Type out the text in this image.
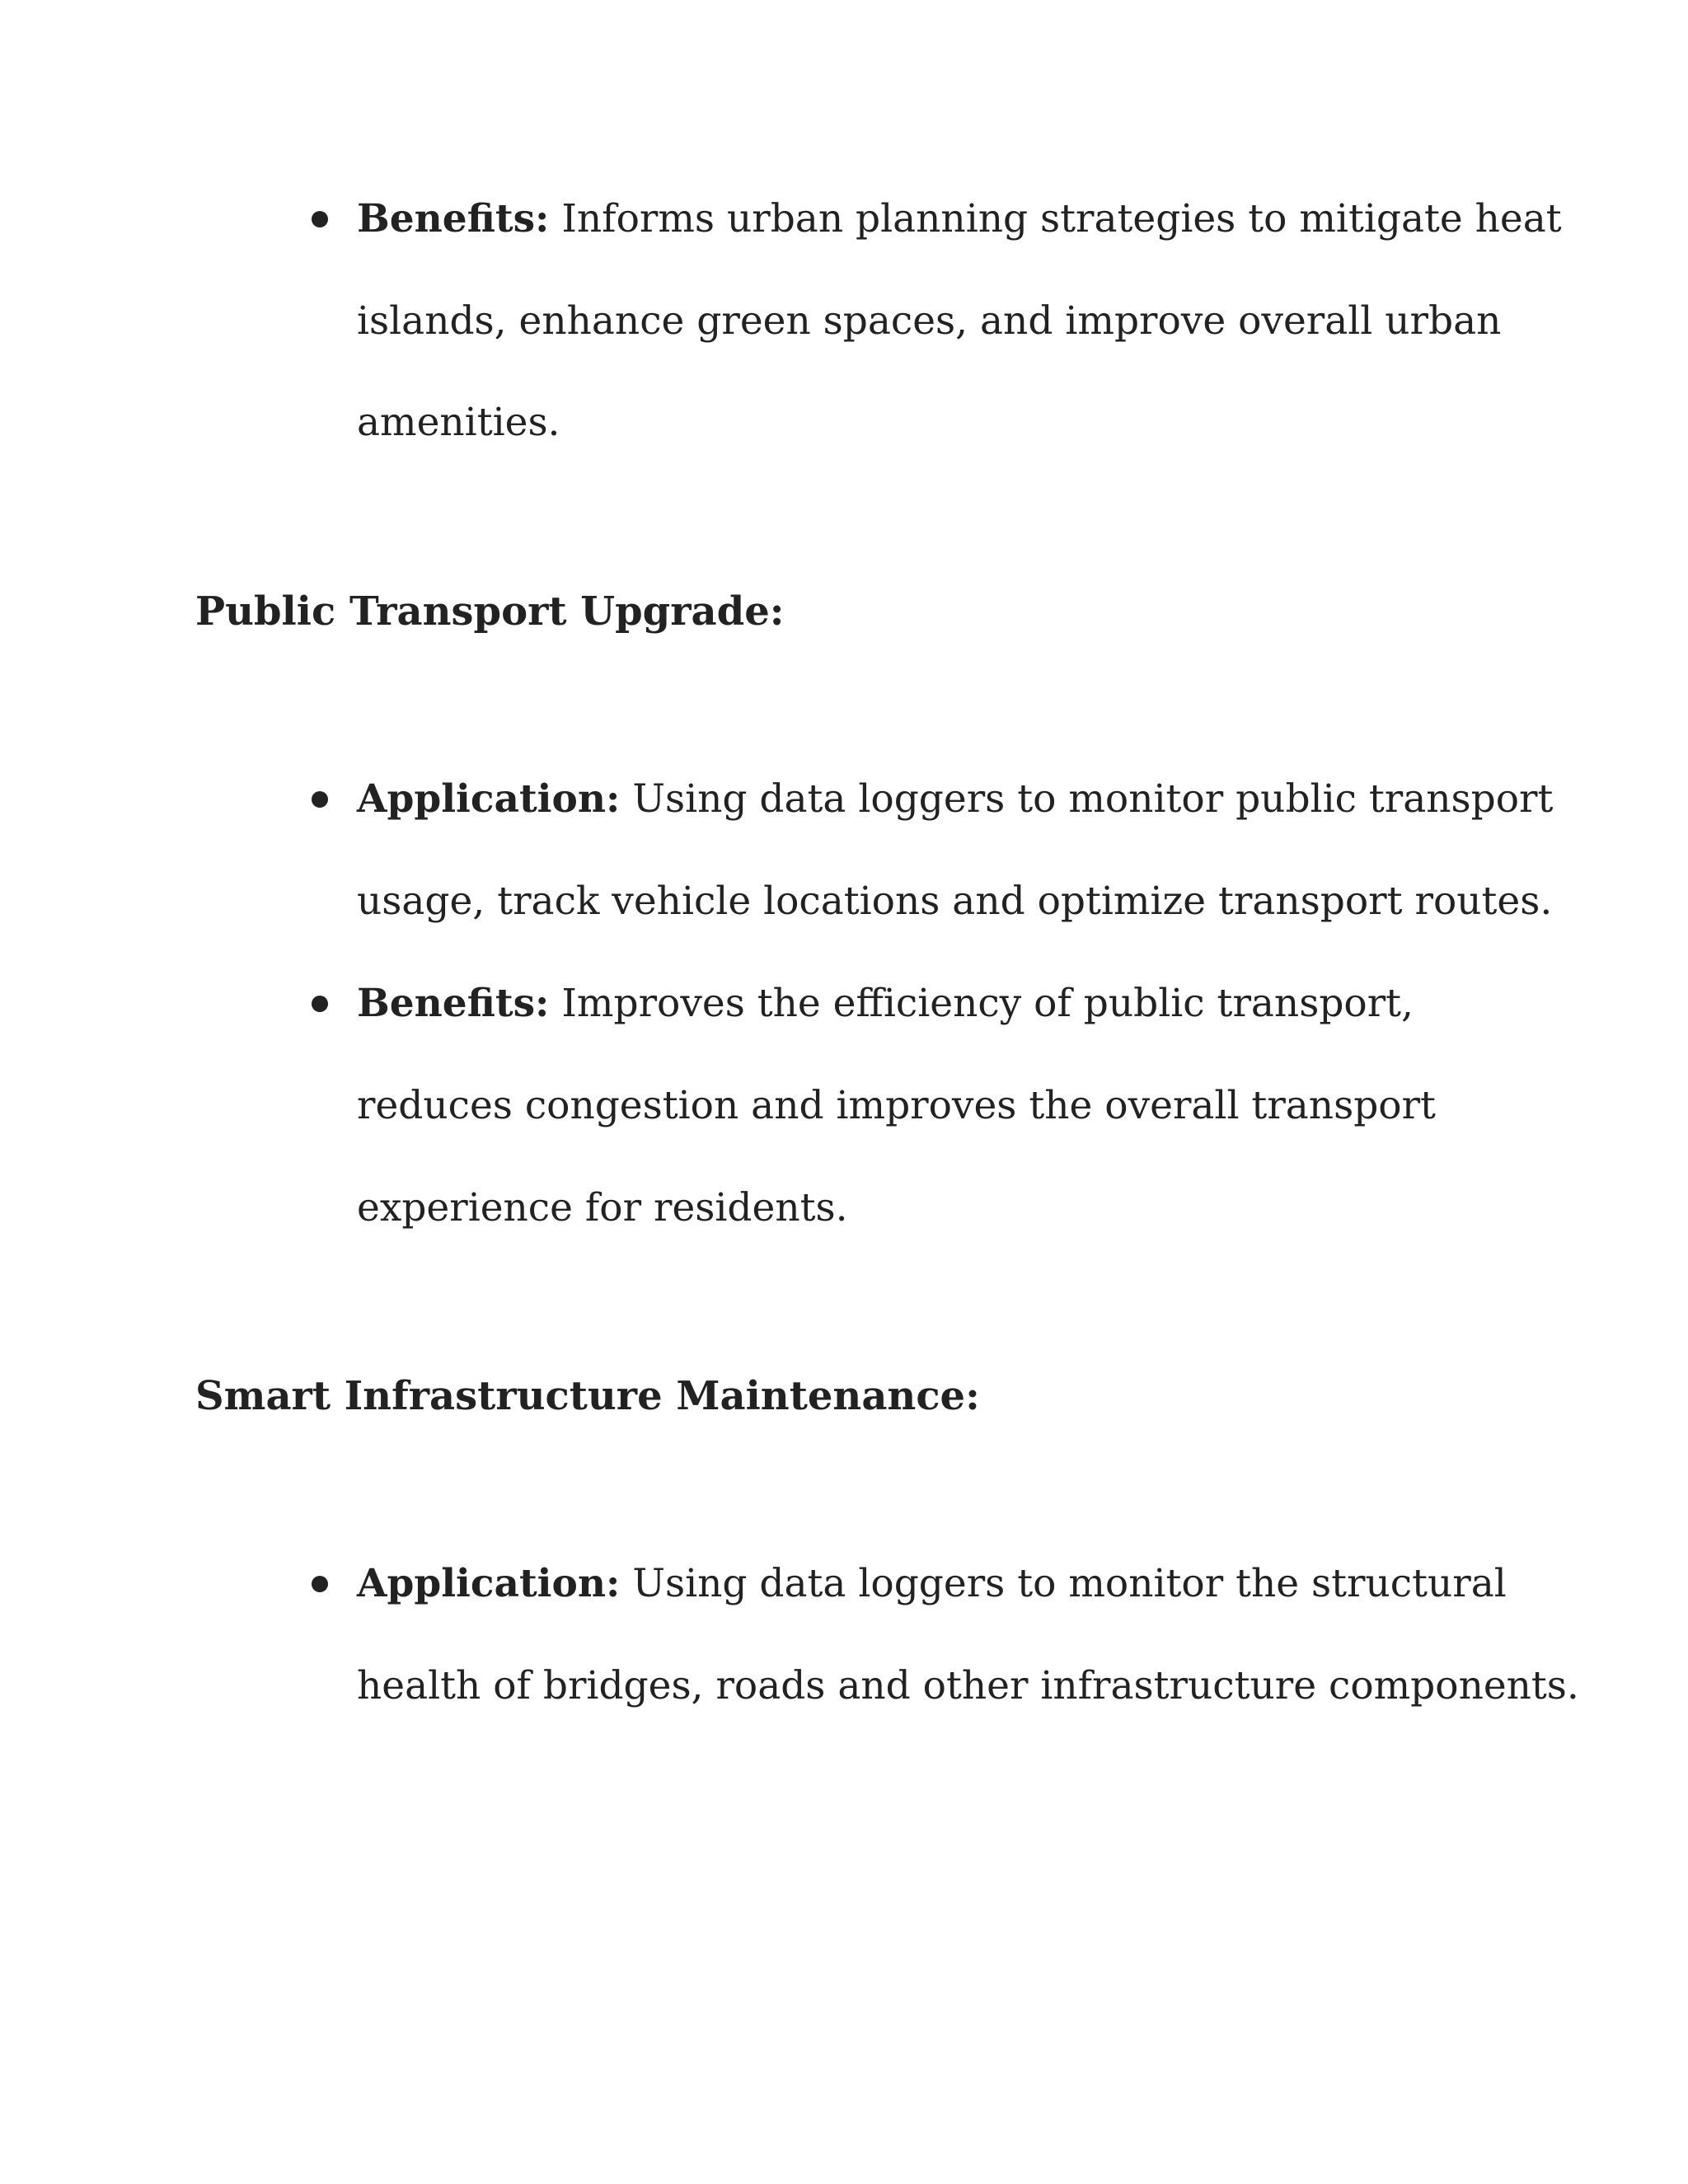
Benefits: Informs urban planning strategies to mitigate heat
islands, enhance green spaces, and improve overall urban
amenities.
Public Transport Upgrade:
Application: Using data loggers to monitor public transport
usage, track vehicle locations and optimize transport routes.
Benefits: Improves the efficiency of public transport,
reduces congestion and improves the overall transport
experience for residents.
Smart Infrastructure Maintenance:
Application: Using data loggers to monitor the structural
health of bridges, roads and other infrastructure components.
